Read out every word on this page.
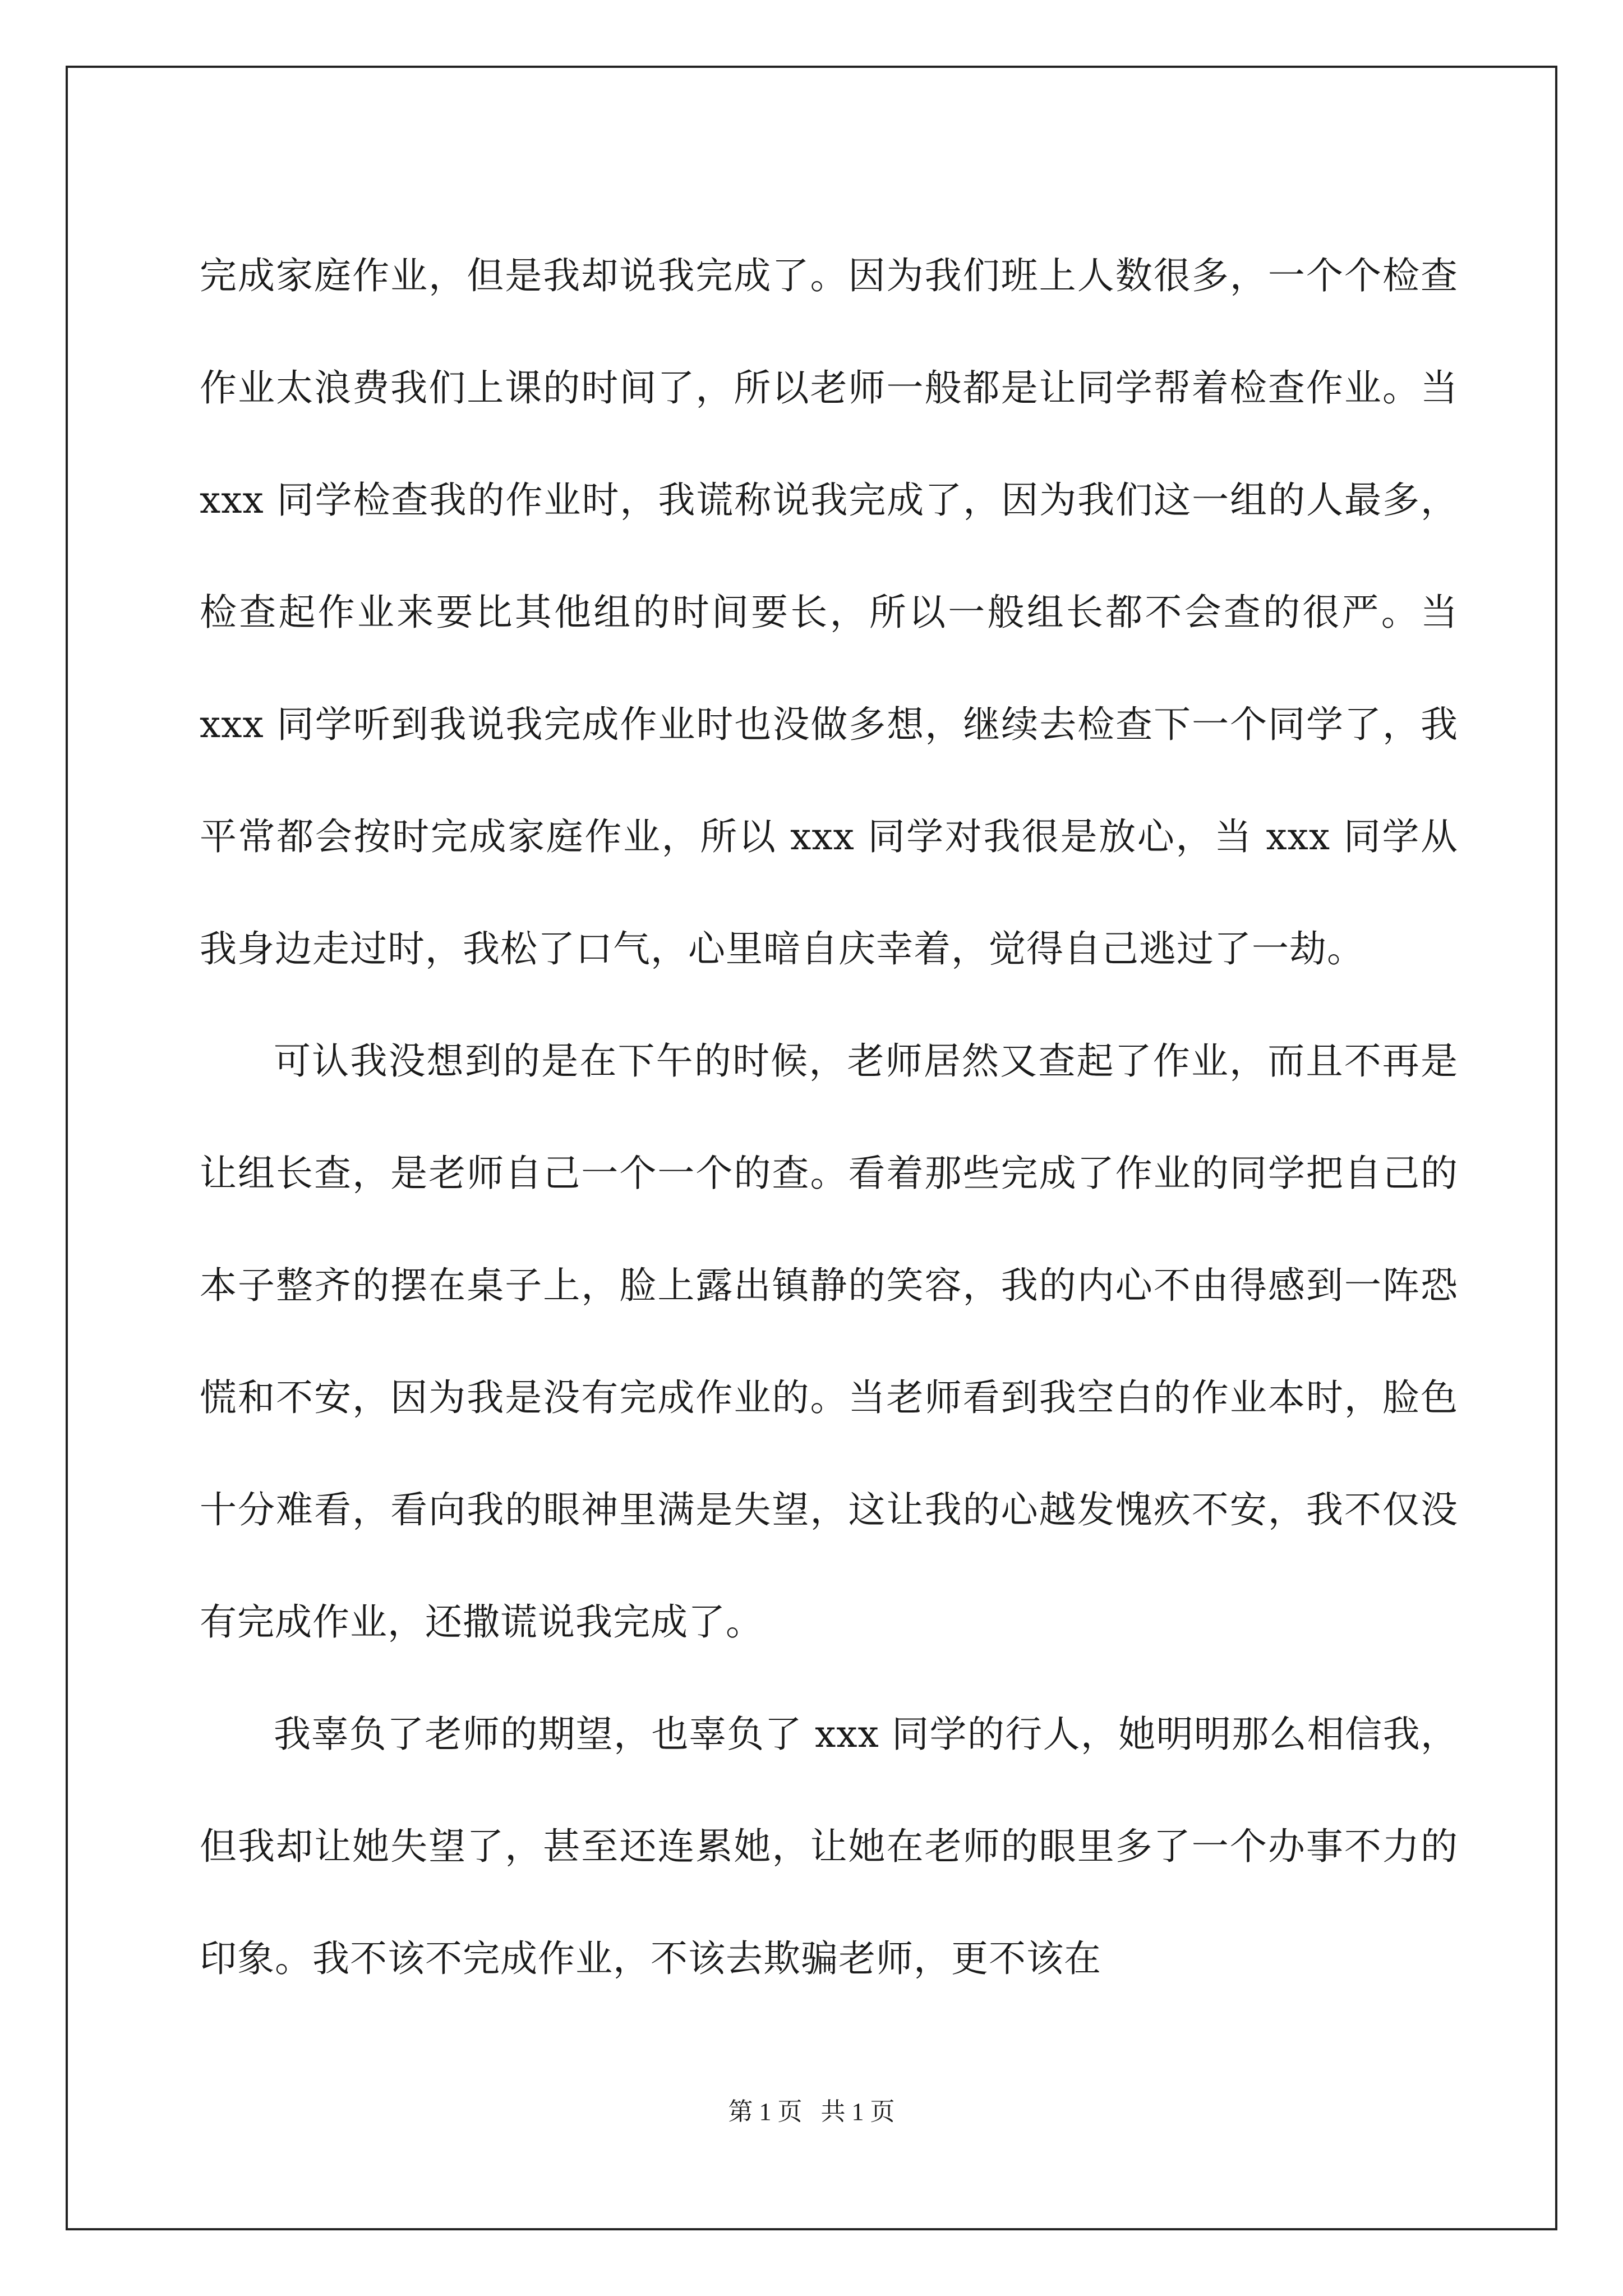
完成家庭作业，但是我却说我完成了。因为我们班上人数很多，一个个检查作业太浪费我们上课的时间了，所以老师一般都是让同学帮着检查作业。当 xxx 同学检查我的作业时，我谎称说我完成了，因为我们这一组的人最多，检查起作业来要比其他组的时间要长，所以一般组长都不会查的很严。当 xxx 同学听到我说我完成作业时也没做多想，继续去检查下一个同学了，我平常都会按时完成家庭作业，所以 xxx 同学对我很是放心，当 xxx 同学从我身边走过时，我松了口气，心里暗自庆幸着，觉得自己逃过了一劫。

可认我没想到的是在下午的时候，老师居然又查起了作业，而且不再是让组长查，是老师自己一个一个的查。看着那些完成了作业的同学把自己的本子整齐的摆在桌子上，脸上露出镇静的笑容，我的内心不由得感到一阵恐慌和不安，因为我是没有完成作业的。当老师看到我空白的作业本时，脸色十分难看，看向我的眼神里满是失望，这让我的心越发愧疚不安，我不仅没有完成作业，还撒谎说我完成了。

我辜负了老师的期望，也辜负了 xxx 同学的行人，她明明那么相信我，但我却让她失望了，甚至还连累她，让她在老师的眼里多了一个办事不力的印象。我不该不完成作业，不该去欺骗老师，更不该在

第 1 页   共 1 页
